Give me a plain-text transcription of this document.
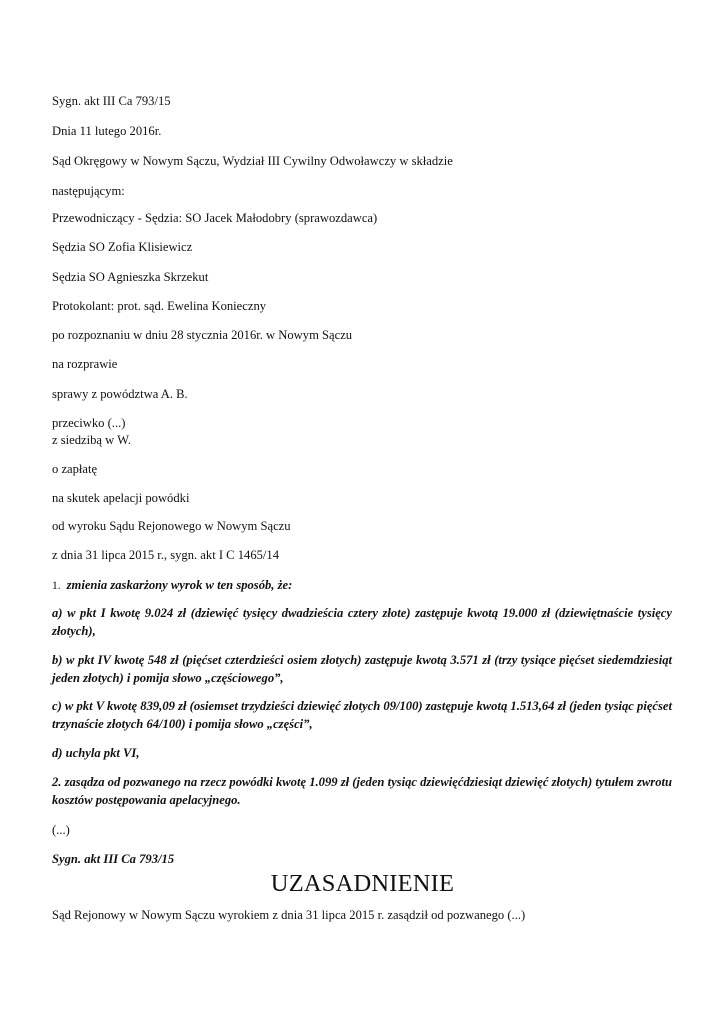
Sygn. akt III Ca 793/15
Dnia 11 lutego 2016r.
Sąd Okręgowy w Nowym Sączu, Wydział III Cywilny Odwoławczy w składzie
następującym:
Przewodniczący - Sędzia: SO Jacek Małodobry (sprawozdawca)
Sędzia SO Zofia Klisiewicz
Sędzia SO Agnieszka Skrzekut
Protokolant: prot. sąd. Ewelina Konieczny
po rozpoznaniu w dniu 28 stycznia 2016r. w Nowym Sączu
na rozprawie
sprawy z powództwa A. B.
przeciwko (...)
z siedzibą w W.
o zapłatę
na skutek apelacji powódki
od wyroku Sądu Rejonowego w Nowym Sączu
z dnia 31 lipca 2015 r., sygn. akt I C 1465/14
1. zmienia zaskarżony wyrok w ten sposób, że:
a) w pkt I kwotę 9.024 zł (dziewięć tysięcy dwadzieścia cztery złote) zastępuje kwotą 19.000 zł (dziewiętnaście tysięcy złotych),
b) w pkt IV kwotę 548 zł (pięćset czterdzieści osiem złotych) zastępuje kwotą 3.571 zł (trzy tysiące pięćset siedemdziesiąt jeden złotych) i pomija słowo „częściowego”,
c) w pkt V kwotę 839,09 zł (osiemset trzydzieści dziewięć złotych 09/100) zastępuje kwotą 1.513,64 zł (jeden tysiąc pięćset trzynaście złotych 64/100) i pomija słowo „części”,
d) uchyla pkt VI,
2. zasądza od pozwanego na rzecz powódki kwotę 1.099 zł (jeden tysiąc dziewięćdziesiąt dziewięć złotych) tytułem zwrotu kosztów postępowania apelacyjnego.
(...)
Sygn. akt III Ca 793/15
UZASADNIENIE
Sąd Rejonowy w Nowym Sączu wyrokiem z dnia 31 lipca 2015 r. zasądził od pozwanego (...)
